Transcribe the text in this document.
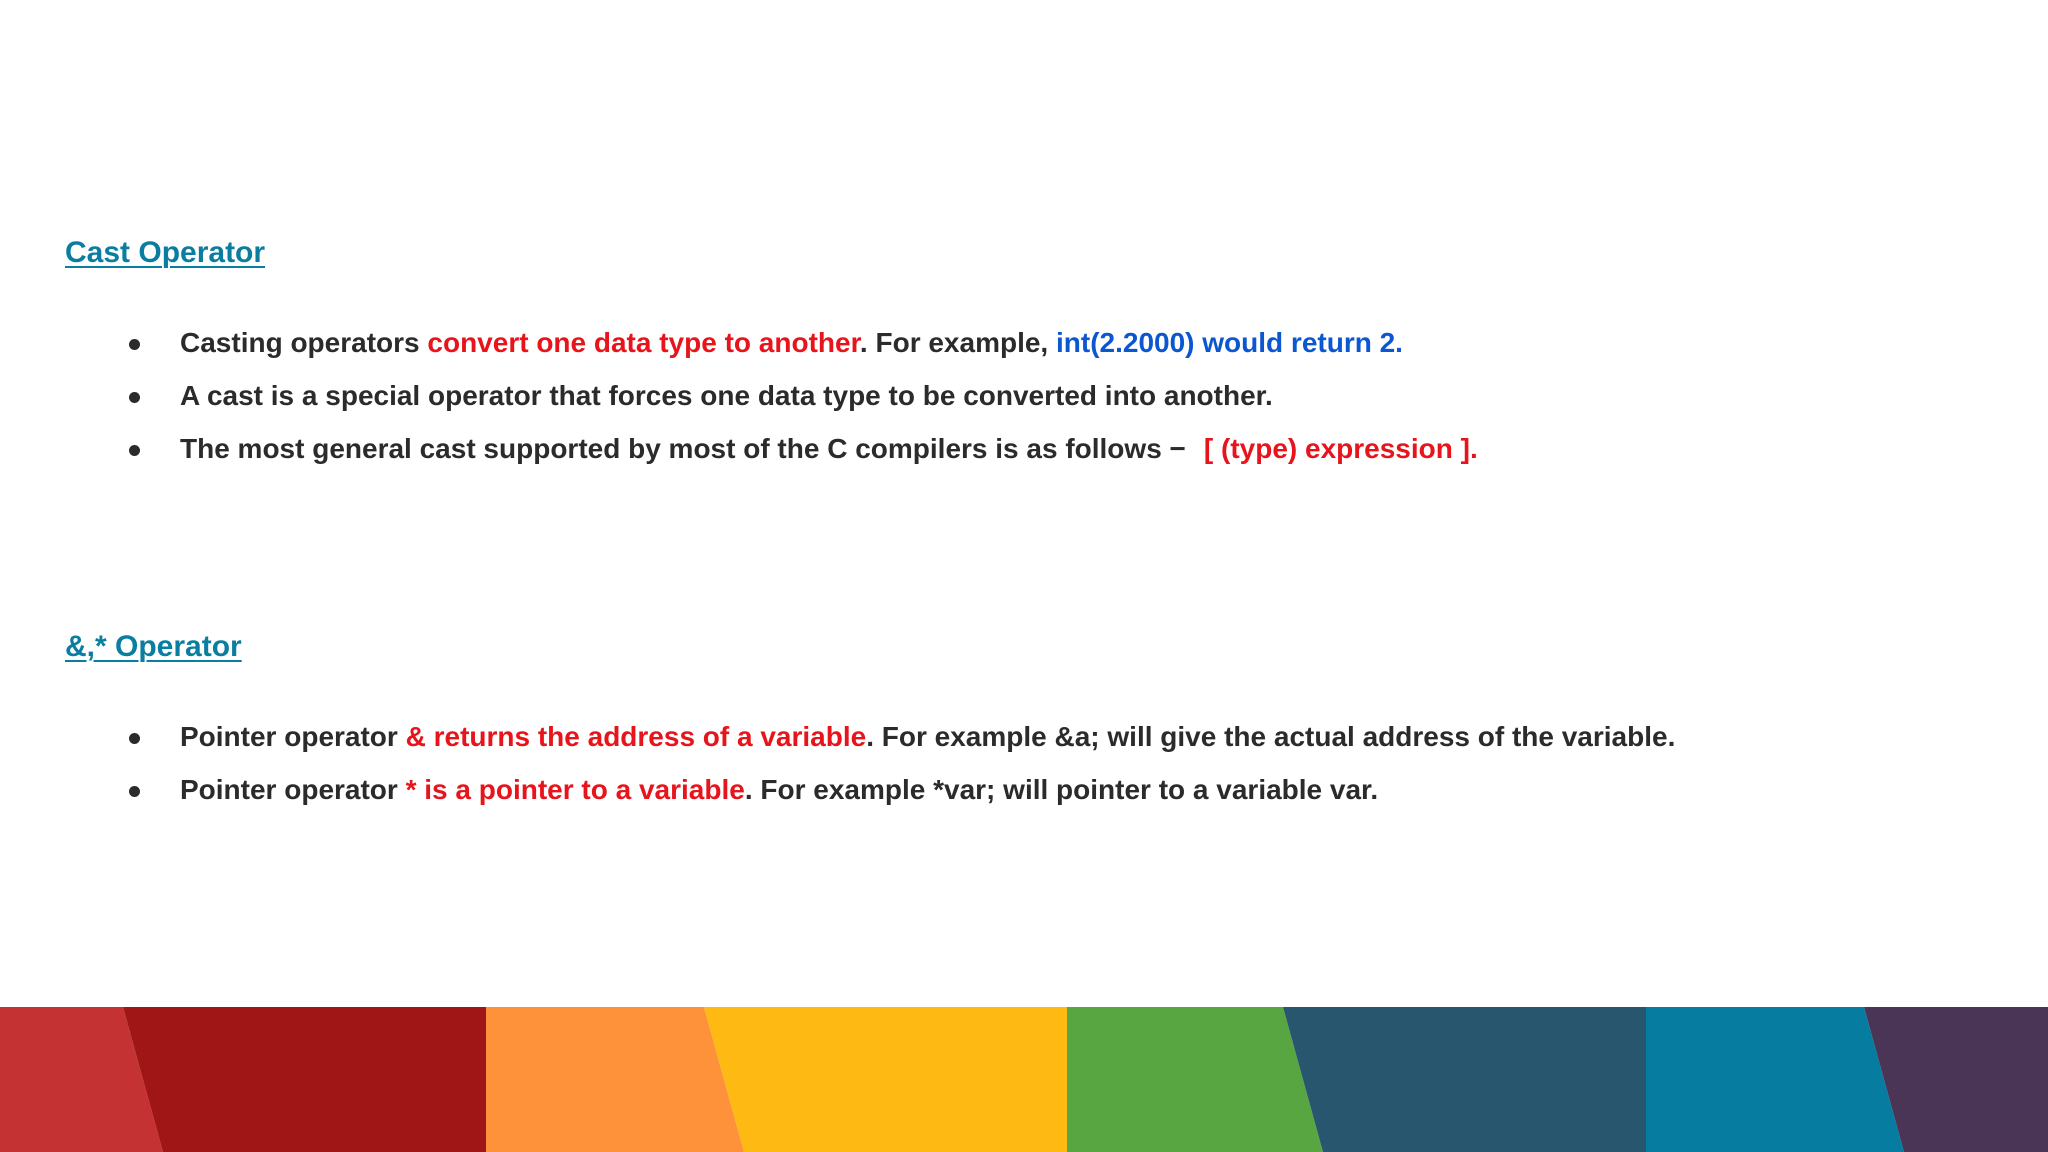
Cast Operator
Casting operators convert one data type to another. For example, int(2.2000) would return 2.
A cast is a special operator that forces one data type to be converted into another.
The most general cast supported by most of the C compilers is as follows − [ (type) expression ].
&,* Operator
Pointer operator & returns the address of a variable. For example &a; will give the actual address of the variable.
Pointer operator * is a pointer to a variable. For example *var; will pointer to a variable var.
